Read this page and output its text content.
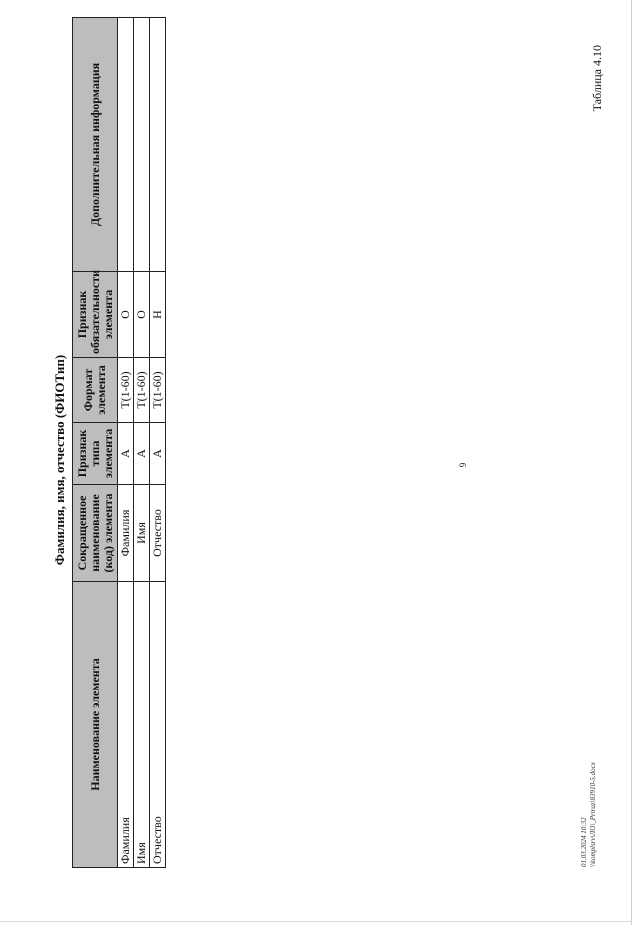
9
Таблица 4.10
Фамилия, имя, отчество (ФИОТип)
Наименование элемента	Сокращенное наименование (код) элемента	Признак типа элемента	Формат элемента	Признак обязательности элемента	Дополнительная информация
Фамилия	Фамилия	А	T(1-60)	О	
Имя	Имя	А	T(1-60)	О	
Отчество	Отчество	А	T(1-60)	Н	
01.03.2024 10:32 \\komplsrv\ЛО\_Priraz\83910-5.docx
